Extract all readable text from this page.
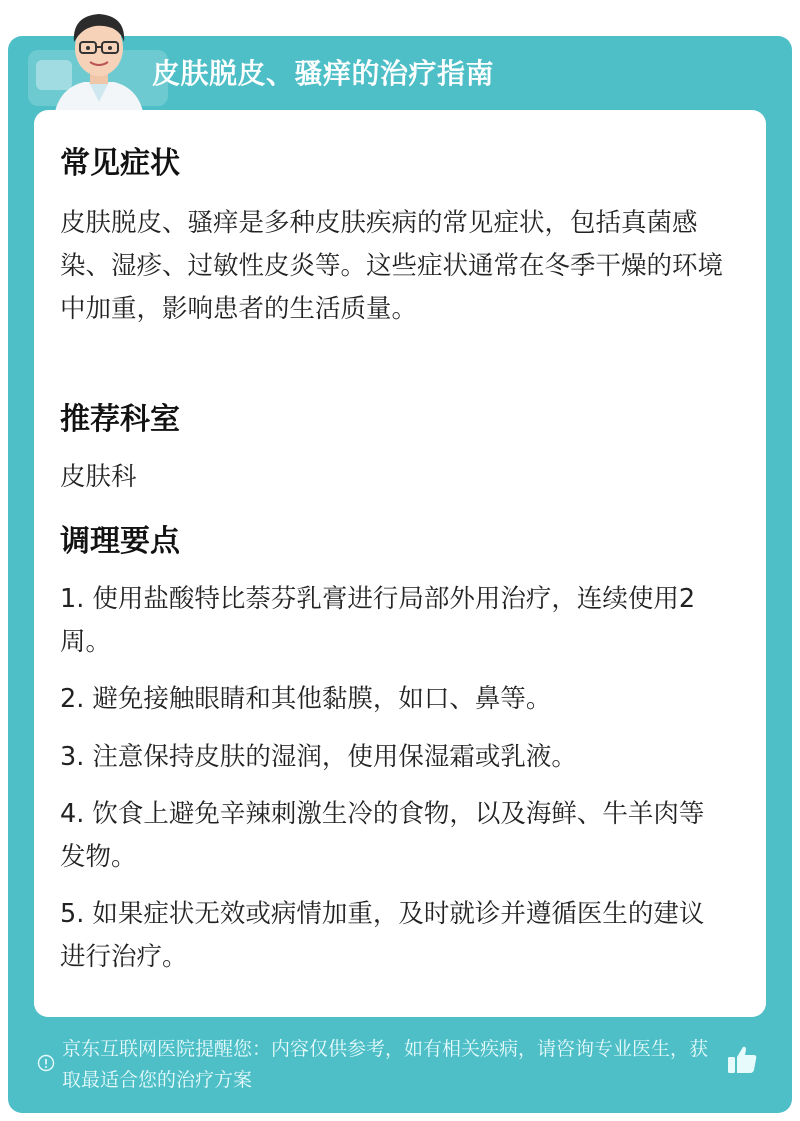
皮肤脱皮、骚痒的治疗指南
常见症状
皮肤脱皮、骚痒是多种皮肤疾病的常见症状，包括真菌感染、湿疹、过敏性皮炎等。这些症状通常在冬季干燥的环境中加重，影响患者的生活质量。
推荐科室
皮肤科
调理要点
1. 使用盐酸特比萘芬乳膏进行局部外用治疗，连续使用2周。
2. 避免接触眼睛和其他黏膜，如口、鼻等。
3. 注意保持皮肤的湿润，使用保湿霜或乳液。
4. 饮食上避免辛辣刺激生冷的食物，以及海鲜、牛羊肉等发物。
5. 如果症状无效或病情加重，及时就诊并遵循医生的建议进行治疗。
京东互联网医院提醒您：内容仅供参考，如有相关疾病，请咨询专业医生，获取最适合您的治疗方案
